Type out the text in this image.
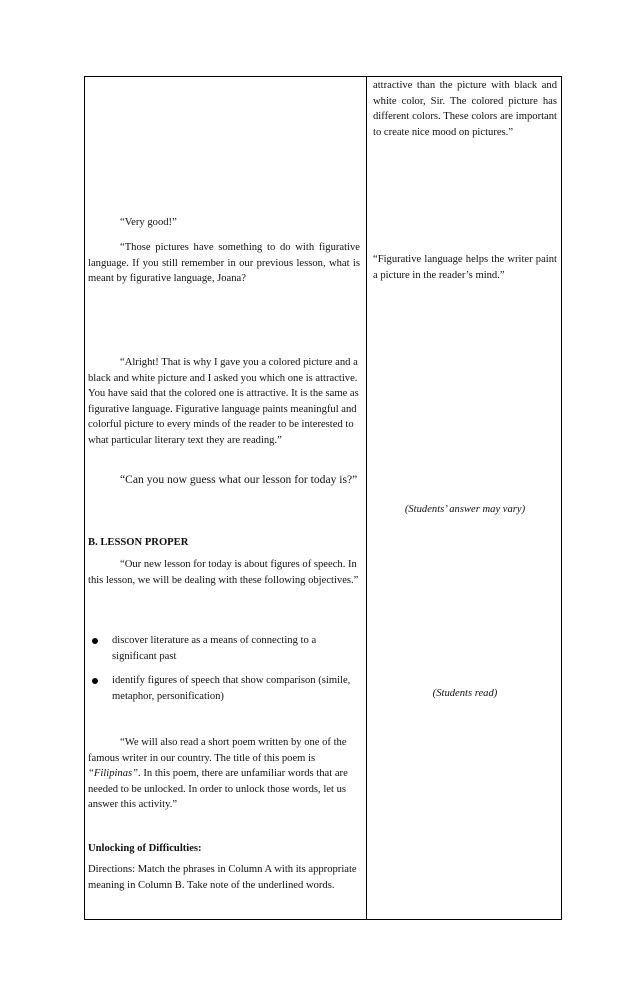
attractive than the picture with black and white color, Sir. The colored picture has different colors. These colors are important to create nice mood on pictures.”

“Figurative language helps the writer paint a picture in the reader’s mind.”

(Students’ answer may vary)

(Students read)

“Very good!”

“Those pictures have something to do with figurative language. If you still remember in our previous lesson, what is meant by figurative language, Joana?

“Alright! That is why I gave you a colored picture and a black and white picture and I asked you which one is attractive. You have said that the colored one is attractive. It is the same as figurative language. Figurative language paints meaningful and colorful picture to every minds of the reader to be interested to what particular literary text they are reading.”

“Can you now guess what our lesson for today is?”

B. LESSON PROPER

“Our new lesson for today is about figures of speech. In this lesson, we will be dealing with these following objectives.”

discover literature as a means of connecting to a significant past
identify figures of speech that show comparison (simile, metaphor, personification)

“We will also read a short poem written by one of the famous writer in our country. The title of this poem is “Filipinas”. In this poem, there are unfamiliar words that are needed to be unlocked. In order to unlock those words, let us answer this activity.”

Unlocking of Difficulties:

Directions: Match the phrases in Column A with its appropriate meaning in Column B. Take note of the underlined words.
